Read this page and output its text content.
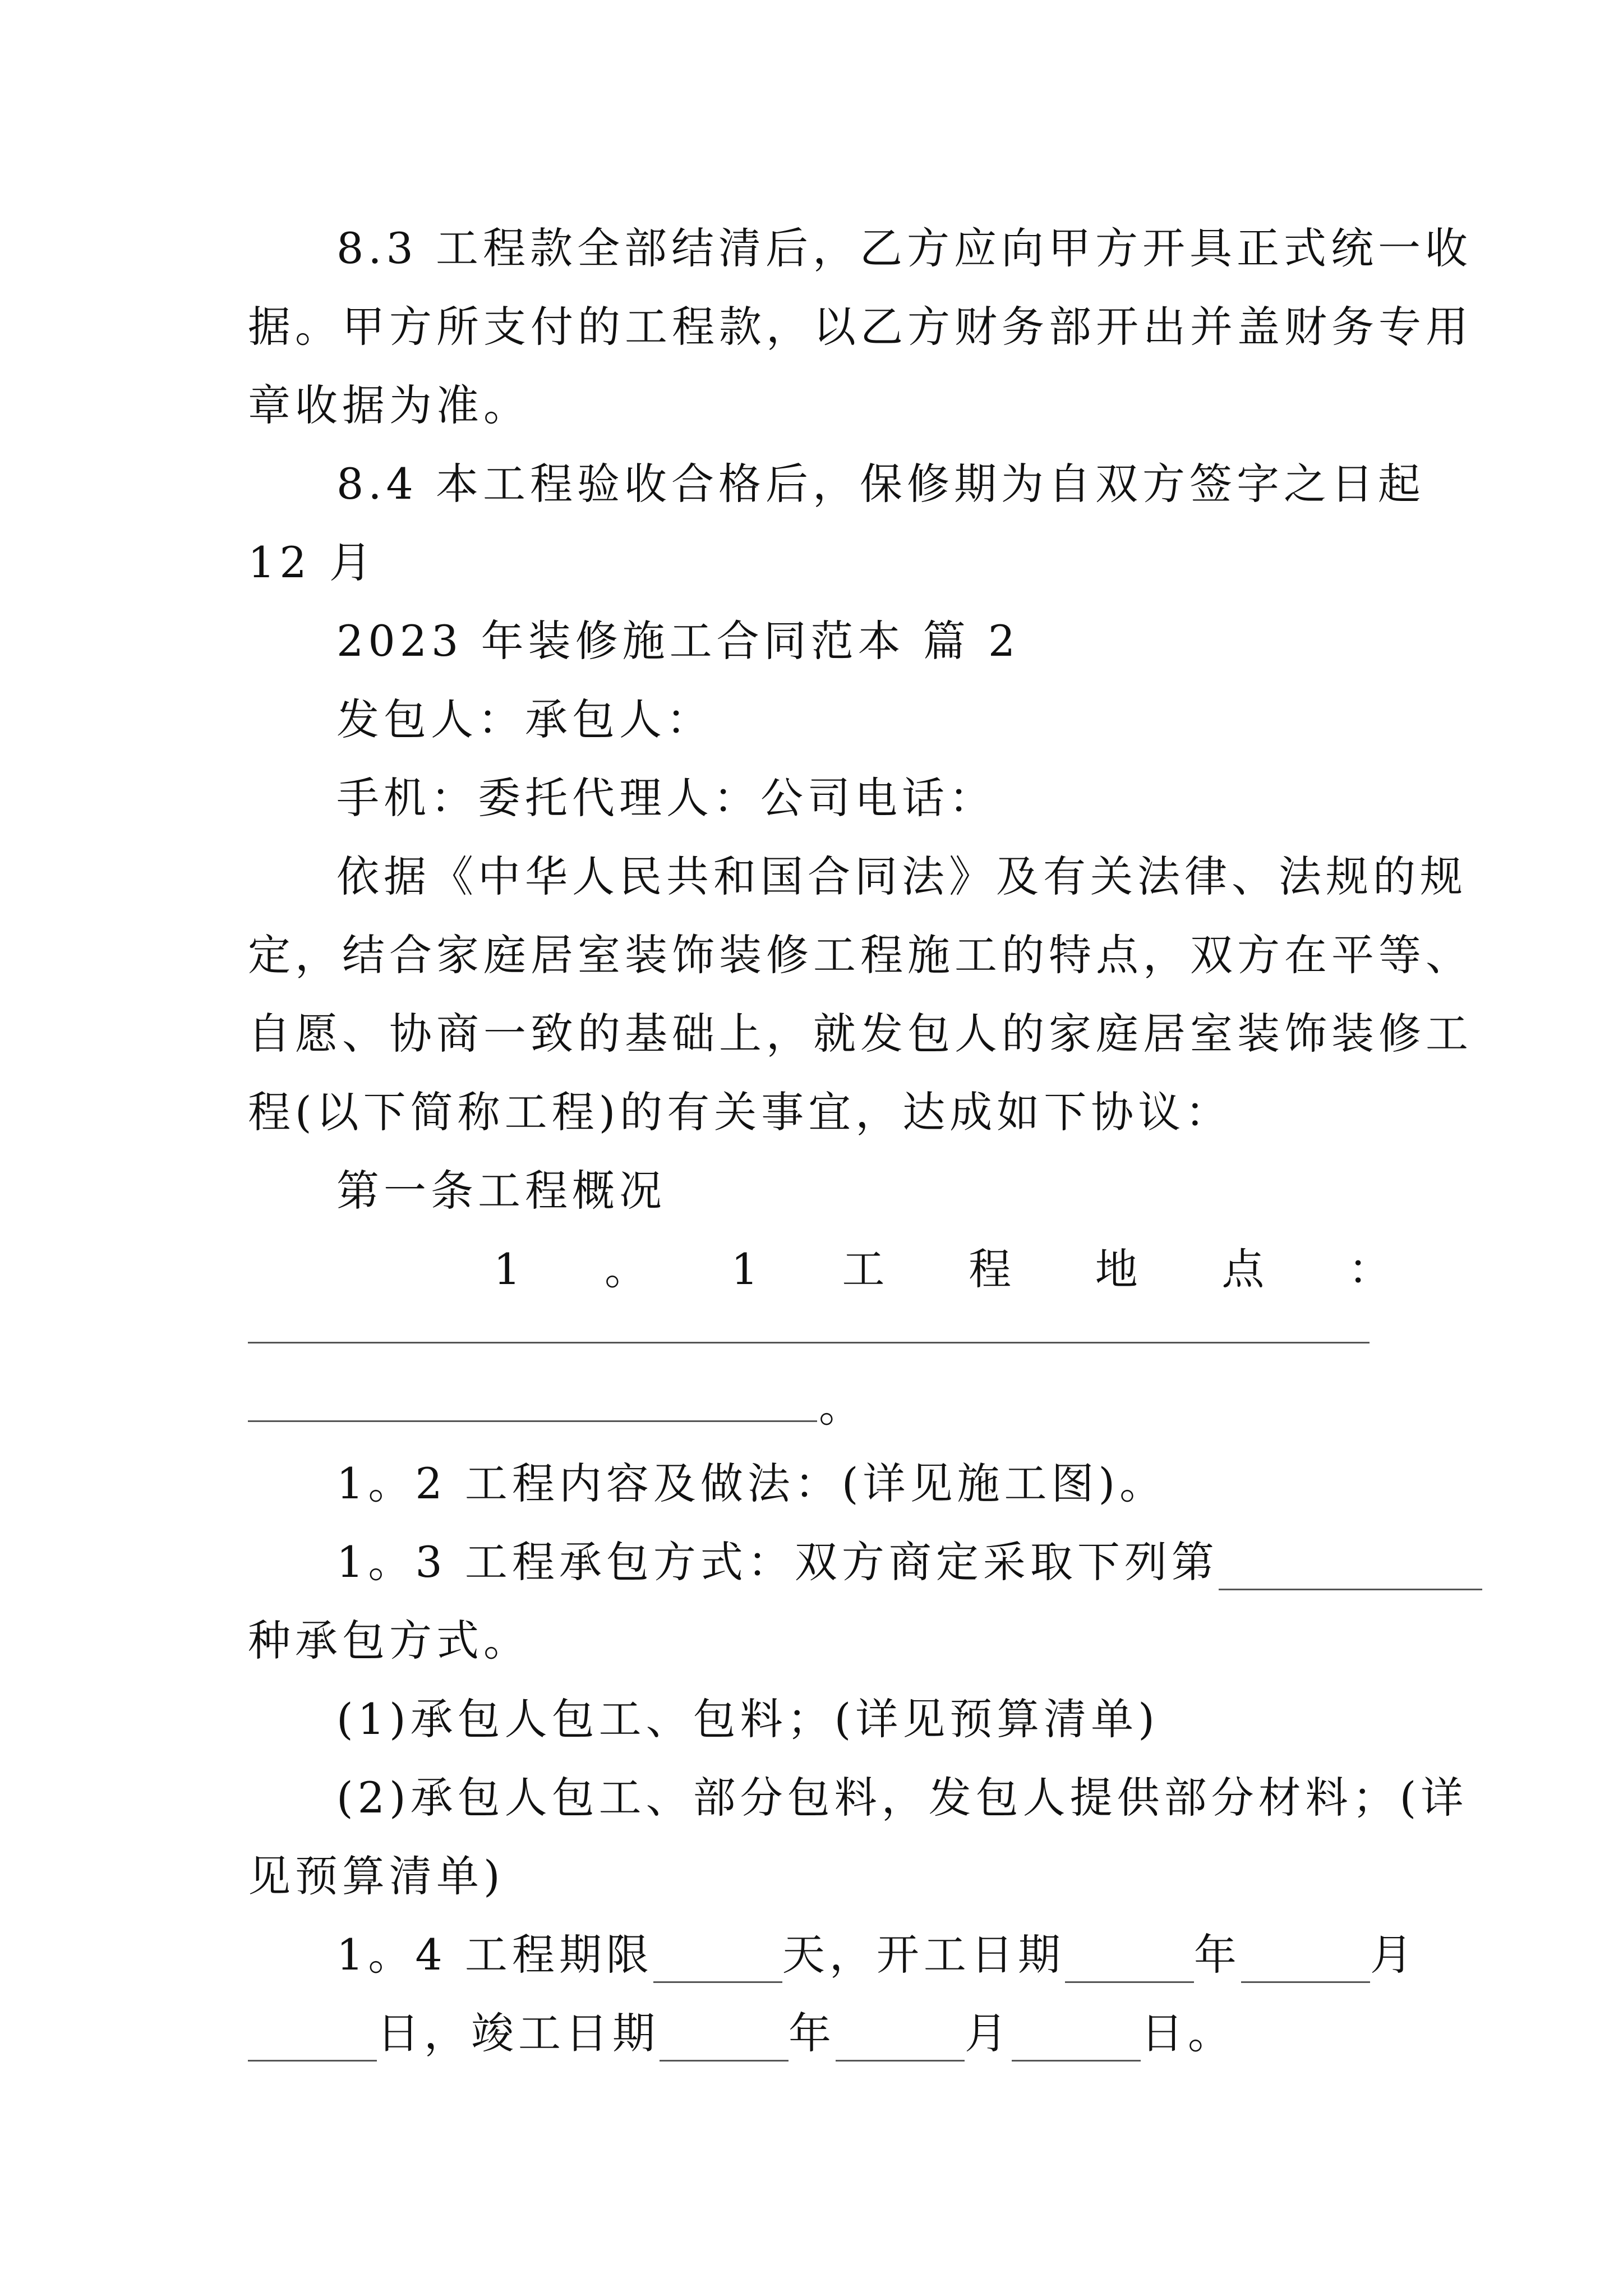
8.3 工程款全部结清后，乙方应向甲方开具正式统一收
据。甲方所支付的工程款，以乙方财务部开出并盖财务专用
章收据为准。
8.4 本工程验收合格后，保修期为自双方签字之日起
12 月
2023 年装修施工合同范本 篇 2
发包人：承包人：
手机：委托代理人：公司电话：
依据《中华人民共和国合同法》及有关法律、法规的规
定，结合家庭居室装饰装修工程施工的特点，双方在平等、
自愿、协商一致的基础上，就发包人的家庭居室装饰装修工
程(以下简称工程)的有关事宜，达成如下协议：
第一条工程概况
1 。 1 工 程 地 点 ：
。
1。2 工程内容及做法：(详见施工图)。
1。3 工程承包方式：双方商定采取下列第
种承包方式。
(1)承包人包工、包料；(详见预算清单)
(2)承包人包工、部分包料，发包人提供部分材料；(详
见预算清单)
1。4 工程期限	天，开工日期	年	月
日，竣工日期	年	月	日。
